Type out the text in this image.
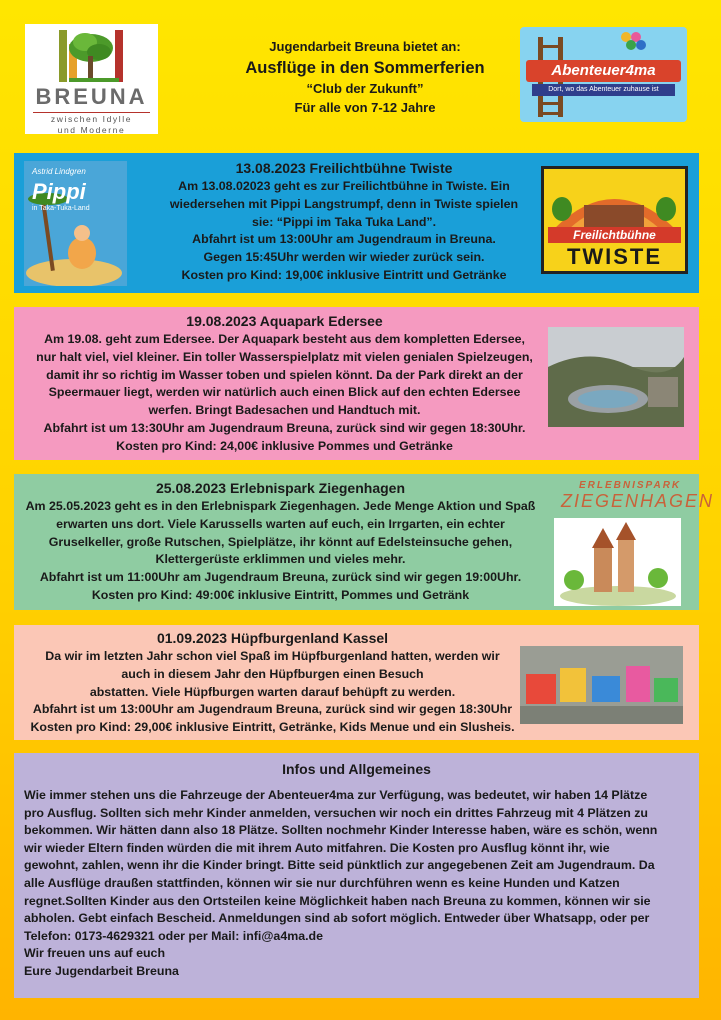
BREUNA
zwischen Idylle
und Moderne
Jugendarbeit Breuna bietet an:
Ausflüge in den Sommerferien
“Club der Zukunft”
Für alle von 7-12 Jahre
Abenteuer4ma
Dort, wo das Abenteuer zuhause ist
Astrid Lindgren
Pippi
in Taka-Tuka-Land
13.08.2023 Freilichtbühne Twiste
Am 13.08.02023 geht es zur Freilichtbühne in Twiste. Ein
wiedersehen mit Pippi Langstrumpf, denn in Twiste spielen
sie: “Pippi im Taka Tuka Land”.
Abfahrt ist um 13:00Uhr am Jugendraum in Breuna.
Gegen 15:45Uhr werden wir wieder zurück sein.
Kosten pro Kind: 19,00€ inklusive Eintritt und Getränke
Freilichtbühne
TWISTE
19.08.2023 Aquapark Edersee
Am 19.08. geht zum Edersee. Der Aquapark besteht aus dem kompletten Edersee,
nur halt viel, viel kleiner. Ein toller Wasserspielplatz mit vielen genialen Spielzeugen,
damit ihr so richtig im Wasser toben und spielen könnt. Da der Park direkt an der
Speermauer liegt, werden wir natürlich auch einen Blick auf den echten Edersee
werfen. Bringt Badesachen und Handtuch mit.
Abfahrt ist um 13:30Uhr am Jugendraum Breuna, zurück sind wir gegen 18:30Uhr.
Kosten pro Kind: 24,00€ inklusive Pommes und Getränke
25.08.2023 Erlebnispark Ziegenhagen
Am 25.05.2023 geht es in den Erlebnispark Ziegenhagen. Jede Menge Aktion und Spaß
erwarten uns dort. Viele Karussells warten auf euch, ein Irrgarten, ein echter
Gruselkeller, große Rutschen, Spielplätze, ihr könnt auf Edelsteinsuche gehen,
Klettergerüste erklimmen und vieles mehr.
Abfahrt ist um 11:00Uhr am Jugendraum Breuna, zurück sind wir gegen 19:00Uhr.
Kosten pro Kind: 49:00€ inklusive Eintritt, Pommes und Getränk
ERLEBNISPARK
ZIEGENHAGEN
01.09.2023 Hüpfburgenland Kassel
Da wir im letzten Jahr schon viel Spaß im Hüpfburgenland hatten, werden wir
auch in diesem Jahr den Hüpfburgen einen Besuch
abstatten. Viele Hüpfburgen warten darauf behüpft zu werden.
Abfahrt ist um 13:00Uhr am Jugendraum Breuna, zurück sind wir gegen 18:30Uhr
Kosten pro Kind: 29,00€ inklusive Eintritt, Getränke, Kids Menue und ein Slusheis.
Infos und Allgemeines
Wie immer stehen uns die Fahrzeuge der Abenteuer4ma zur Verfügung, was bedeutet, wir haben 14 Plätze
pro Ausflug. Sollten sich mehr Kinder anmelden, versuchen wir noch ein drittes Fahrzeug mit 4 Plätzen zu
bekommen. Wir hätten dann also 18 Plätze. Sollten nochmehr Kinder Interesse haben, wäre es schön, wenn
wir wieder Eltern finden würden die mit ihrem Auto mitfahren. Die Kosten pro Ausflug könnt ihr, wie
gewohnt, zahlen, wenn ihr die Kinder bringt. Bitte seid pünktlich zur angegebenen Zeit am Jugendraum. Da
alle Ausflüge draußen stattfinden, können wir sie nur durchführen wenn es keine Hunden und Katzen
regnet.Sollten Kinder aus den Ortsteilen keine Möglichkeit haben nach Breuna zu kommen, können wir sie
abholen. Gebt einfach Bescheid. Anmeldungen sind ab sofort möglich. Entweder über Whatsapp, oder per
Telefon: 0173-4629321 oder per Mail: infi@a4ma.de
Wir freuen uns auf euch
Eure Jugendarbeit Breuna
